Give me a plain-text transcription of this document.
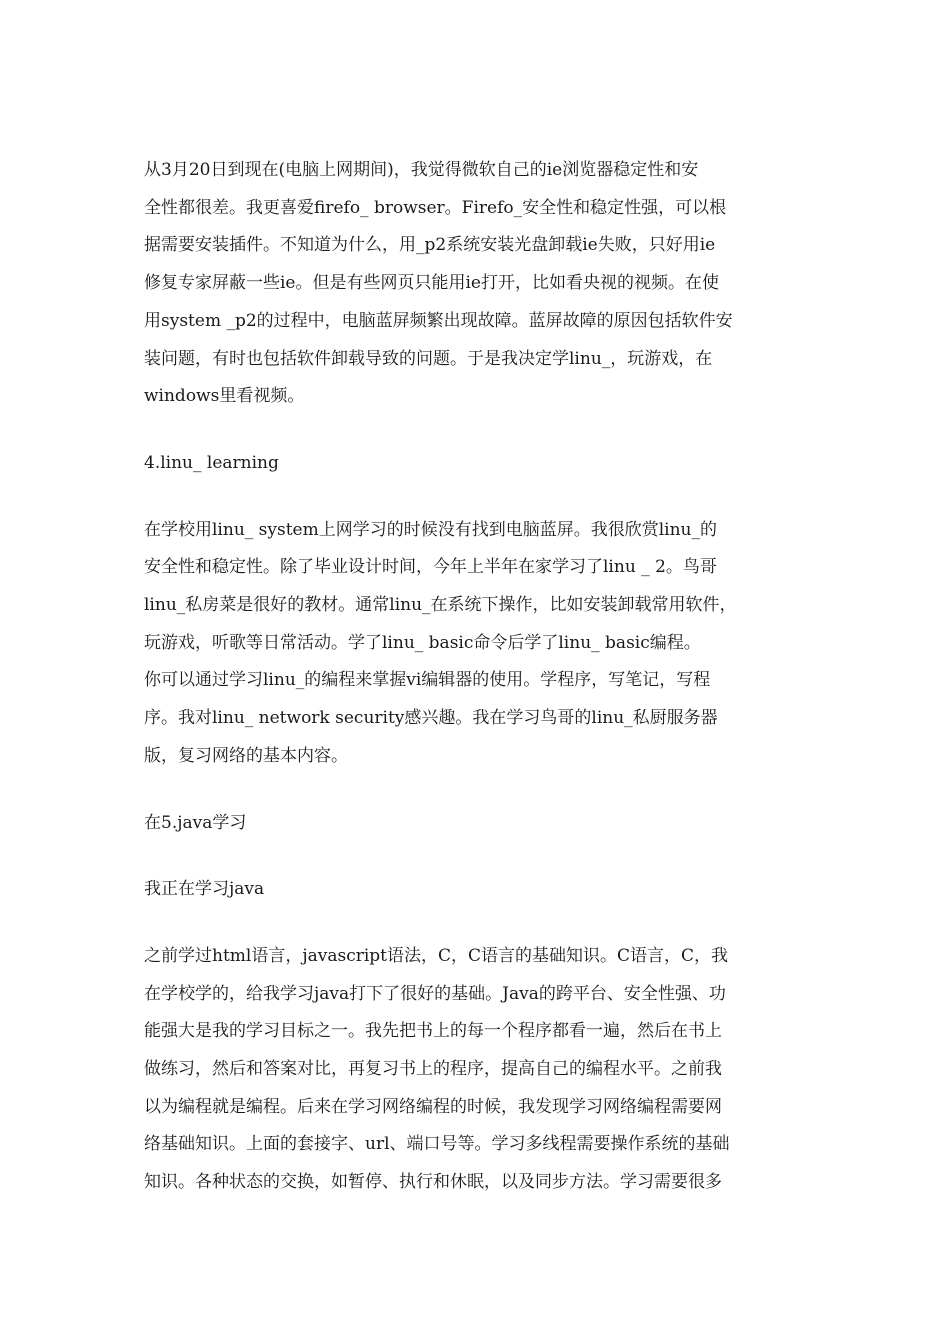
从3月20日到现在(电脑上网期间)，我觉得微软自己的ie浏览器稳定性和安
全性都很差。我更喜爱firefo_ browser。Firefo_安全性和稳定性强，可以根
据需要安装插件。不知道为什么，用_p2系统安装光盘卸载ie失败，只好用ie
修复专家屏蔽一些ie。但是有些网页只能用ie打开，比如看央视的视频。在使
用system _p2的过程中，电脑蓝屏频繁出现故障。蓝屏故障的原因包括软件安
装问题，有时也包括软件卸载导致的问题。于是我决定学linu_，玩游戏，在
windows里看视频。

4.linu_ learning

在学校用linu_ system上网学习的时候没有找到电脑蓝屏。我很欣赏linu_的
安全性和稳定性。除了毕业设计时间，今年上半年在家学习了linu _ 2。鸟哥
linu_私房菜是很好的教材。通常linu_在系统下操作，比如安装卸载常用软件，
玩游戏，听歌等日常活动。学了linu_ basic命令后学了linu_ basic编程。
你可以通过学习linu_的编程来掌握vi编辑器的使用。学程序，写笔记，写程
序。我对linu_ network security感兴趣。我在学习鸟哥的linu_私厨服务器
版，复习网络的基本内容。

在5.java学习

我正在学习java

之前学过html语言，javascript语法，C，C语言的基础知识。C语言，C，我
在学校学的，给我学习java打下了很好的基础。Java的跨平台、安全性强、功
能强大是我的学习目标之一。我先把书上的每一个程序都看一遍，然后在书上
做练习，然后和答案对比，再复习书上的程序，提高自己的编程水平。之前我
以为编程就是编程。后来在学习网络编程的时候，我发现学习网络编程需要网
络基础知识。上面的套接字、url、端口号等。学习多线程需要操作系统的基础
知识。各种状态的交换，如暂停、执行和休眠，以及同步方法。学习需要很多
